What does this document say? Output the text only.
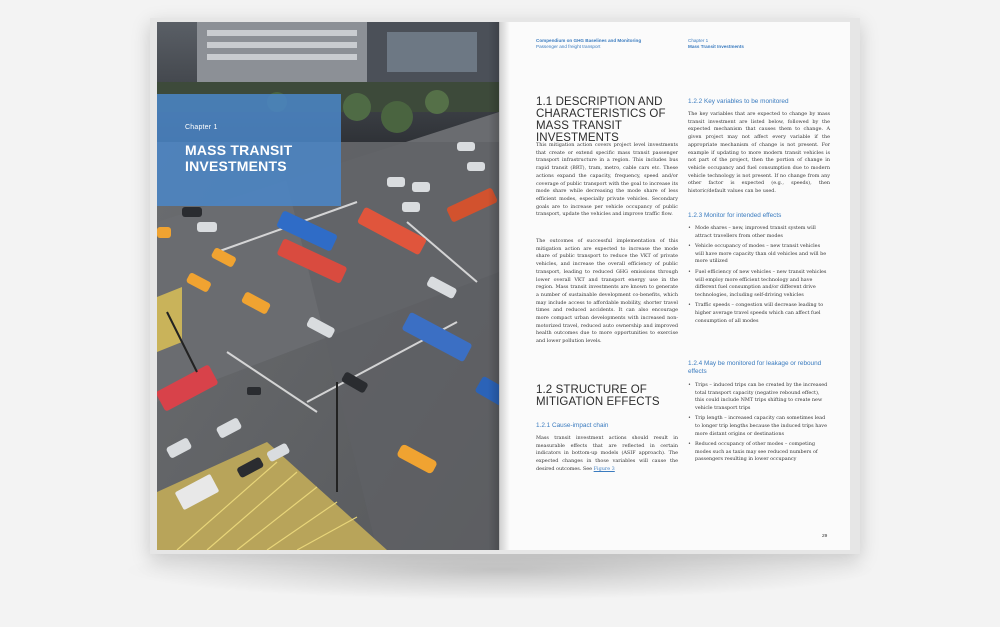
Chapter 1
MASS TRANSIT INVESTMENTS
Compendium on GHG Baselines and Monitoring
Passenger and freight transport
Chapter 1
Mass Transit Investments
1.1 DESCRIPTION AND CHARACTERISTICS OF MASS TRANSIT INVESTMENTS

This mitigation action covers project level investments that create or extend specific mass transit passenger transport infrastructure in a region. This includes bus rapid transit (BRT), tram, metro, cable cars etc. These actions expand the capacity, frequency, speed and/or coverage of public transport with the goal to increase its mode share while decreasing the mode share of less efficient modes, especially private vehicles. Secondary goals are to increase per vehicle occupancy of public transport, update the vehicles and improve traffic flow.

The outcomes of successful implementation of this mitigation action are expected to increase the mode share of public transport to reduce the VKT of private vehicles, and increase the overall efficiency of public transport, leading to reduced GHG emissions through lower overall VKT and transport energy use in the region. Mass transit investments are known to generate a number of sustainable development co-benefits, which may include access to affordable mobility, shorter travel times and reduced accidents. It can also encourage more compact urban developments with increased non-motorized travel, reduced auto ownership and improved health outcomes due to more opportunities to exercise and lower pollution levels.

1.2 STRUCTURE OF MITIGATION EFFECTS
1.2.1 Cause-impact chain

Mass transit investment actions should result in measurable effects that are reflected in certain indicators in bottom-up models (ASIF approach). The expected changes in those variables will cause the desired outcomes. See Figure 3

1.2.2 Key variables to be monitored

The key variables that are expected to change by mass transit investment are listed below, followed by the expected mechanism that causes them to change. A given project may not affect every variable if the appropriate mechanism of change is not present. For example if updating to more modern transit vehicles is not part of the project, then the portion of change in vehicle occupancy and fuel consumption due to modern vehicle technology is not present. If no change from any other factor is expected (e.g., speeds), then historic/default values can be used.

1.2.3 Monitor for intended effects
• Mode shares – new, improved transit system will attract travellers from other modes
• Vehicle occupancy of modes – new transit vehicles will have more capacity than old vehicles and will be more utilized
• Fuel efficiency of new vehicles – new transit vehicles will employ more efficient technology and have different fuel consumption and/or different drive technologies, including self-driving vehicles
• Traffic speeds – congestion will decrease leading to higher average travel speeds which can affect fuel consumption of all modes
1.2.4 May be monitored for leakage or rebound effects
• Trips – induced trips can be created by the increased total transport capacity (negative rebound effect), this could include NMT trips shifting to create new vehicle transport trips
• Trip length – increased capacity can sometimes lead to longer trip lengths because the induced trips have more distant origins or destinations
• Reduced occupancy of other modes – competing modes such as taxis may see reduced numbers of passengers resulting in lower occupancy
29
